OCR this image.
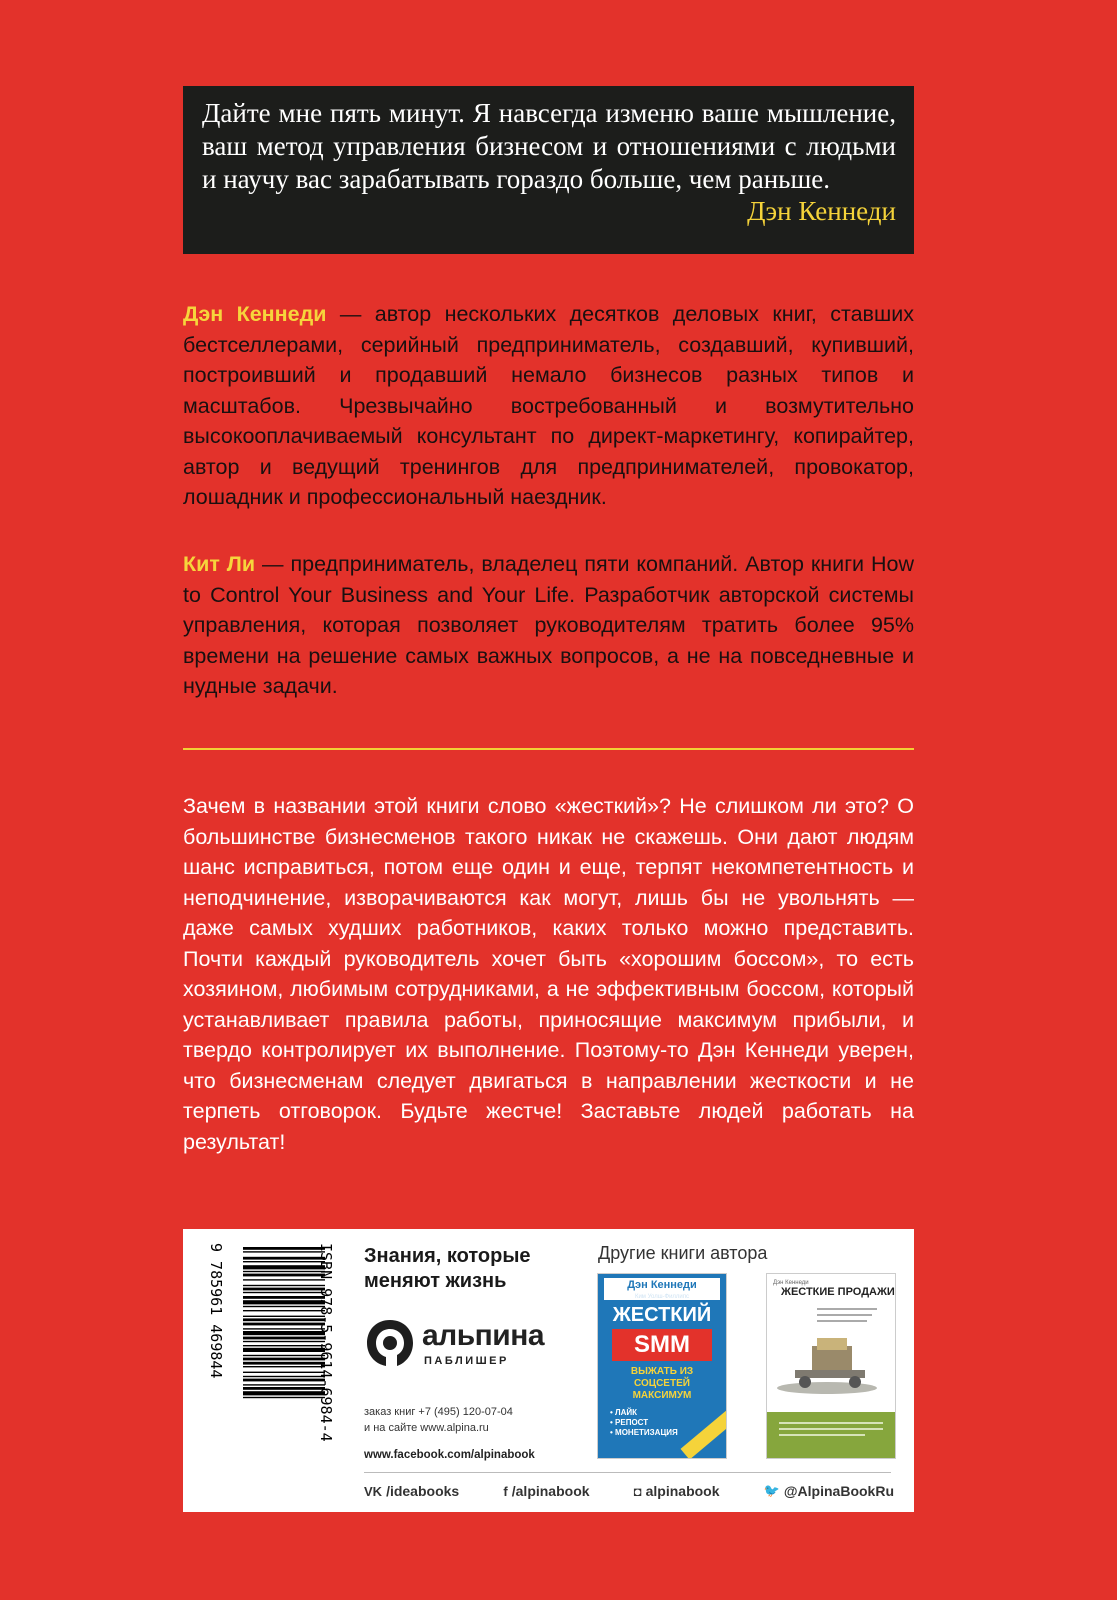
Дайте мне пять минут. Я навсегда изменю ваше мышление, ваш метод управления бизнесом и отношениями с людьми и научу вас зарабатывать гораздо больше, чем раньше.

Дэн Кеннеди

Дэн Кеннеди — автор нескольких десятков деловых книг, ставших бестселлерами, серийный предприниматель, создавший, купивший, построивший и продавший немало бизнесов разных типов и масштабов. Чрезвычайно востребованный и возмутительно высокооплачиваемый консультант по директ-маркетингу, копирайтер, автор и ведущий тренингов для предпринимателей, провокатор, лошадник и профессиональный наездник.

Кит Ли — предприниматель, владелец пяти компаний. Автор книги How to Control Your Business and Your Life. Разработчик авторской системы управления, которая позволяет руководителям тратить более 95% времени на решение самых важных вопросов, а не на повседневные и нудные задачи.

Зачем в названии этой книги слово «жесткий»? Не слишком ли это? О большинстве бизнесменов такого никак не скажешь. Они дают людям шанс исправиться, потом еще один и еще, терпят некомпетентность и неподчинение, изворачиваются как могут, лишь бы не увольнять — даже самых худших работников, каких только можно представить. Почти каждый руководитель хочет быть «хорошим боссом», то есть хозяином, любимым сотрудниками, а не эффективным боссом, который устанавливает правила работы, приносящие максимум прибыли, и твердо контролирует их выполнение. Поэтому-то Дэн Кеннеди уверен, что бизнесменам следует двигаться в направлении жесткости и не терпеть отговорок. Будьте жестче! Заставьте людей работать на результат!

9 785961 469844	ISBN 978-5-9614-6984-4 Знания, которые меняют жизнь
альпина
ПАБЛИШЕР
заказ книг +7 (495) 120-07-04
и на сайте www.alpina.ru
www.facebook.com/alpinabook
Другие книги автора
Дэн Кеннеди
Ким Уолш-Филлипс
ЖЕСТКИЙ
SMM
ВЫЖАТЬ ИЗ СОЦСЕТЕЙ МАКСИМУМ
• ЛАЙК
• РЕПОСТ
• МОНЕТИЗАЦИЯ
Дэн Кеннеди
ЖЕСТКИЕ ПРОДАЖИ
VK /ideabooks	f /alpinabook	◘ alpinabook	🐦 @AlpinaBookRu
